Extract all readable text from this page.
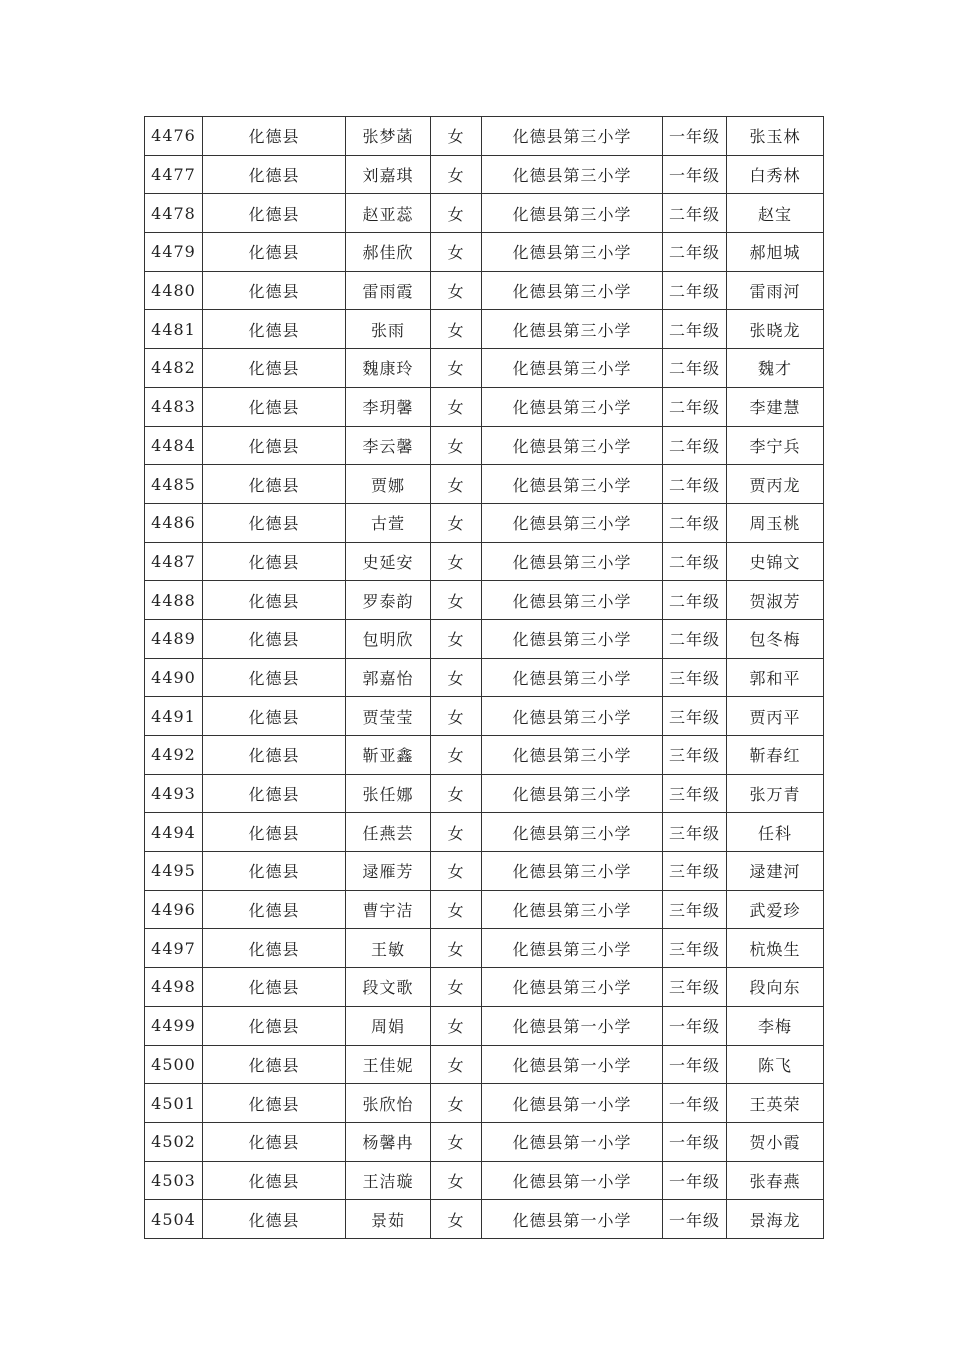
4476	化德县	张梦菡	女	化德县第三小学	一年级	张玉林
4477	化德县	刘嘉琪	女	化德县第三小学	一年级	白秀林
4478	化德县	赵亚蕊	女	化德县第三小学	二年级	赵宝
4479	化德县	郝佳欣	女	化德县第三小学	二年级	郝旭城
4480	化德县	雷雨霞	女	化德县第三小学	二年级	雷雨河
4481	化德县	张雨	女	化德县第三小学	二年级	张晓龙
4482	化德县	魏康玲	女	化德县第三小学	二年级	魏才
4483	化德县	李玥馨	女	化德县第三小学	二年级	李建慧
4484	化德县	李云馨	女	化德县第三小学	二年级	李宁兵
4485	化德县	贾娜	女	化德县第三小学	二年级	贾丙龙
4486	化德县	古萱	女	化德县第三小学	二年级	周玉桃
4487	化德县	史延安	女	化德县第三小学	二年级	史锦文
4488	化德县	罗泰韵	女	化德县第三小学	二年级	贺淑芳
4489	化德县	包明欣	女	化德县第三小学	二年级	包冬梅
4490	化德县	郭嘉怡	女	化德县第三小学	三年级	郭和平
4491	化德县	贾莹莹	女	化德县第三小学	三年级	贾丙平
4492	化德县	靳亚鑫	女	化德县第三小学	三年级	靳春红
4493	化德县	张任娜	女	化德县第三小学	三年级	张万青
4494	化德县	任燕芸	女	化德县第三小学	三年级	任科
4495	化德县	逯雁芳	女	化德县第三小学	三年级	逯建河
4496	化德县	曹宇洁	女	化德县第三小学	三年级	武爱珍
4497	化德县	王敏	女	化德县第三小学	三年级	杭焕生
4498	化德县	段文歌	女	化德县第三小学	三年级	段向东
4499	化德县	周娟	女	化德县第一小学	一年级	李梅
4500	化德县	王佳妮	女	化德县第一小学	一年级	陈飞
4501	化德县	张欣怡	女	化德县第一小学	一年级	王英荣
4502	化德县	杨馨冉	女	化德县第一小学	一年级	贺小霞
4503	化德县	王洁璇	女	化德县第一小学	一年级	张春燕
4504	化德县	景茹	女	化德县第一小学	一年级	景海龙
